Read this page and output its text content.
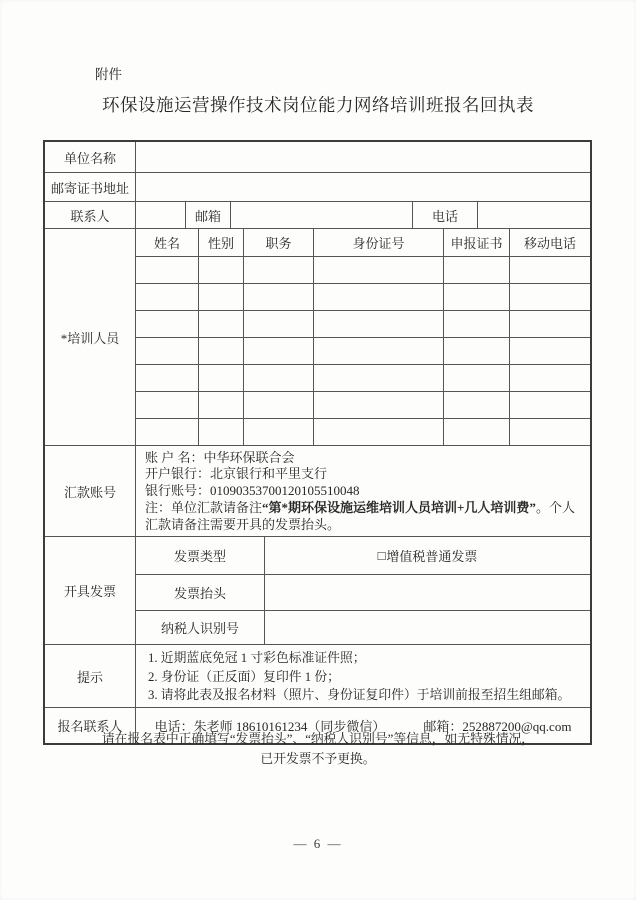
附件
环保设施运营操作技术岗位能力网络培训班报名回执表
单位名称
邮寄证书地址
联系人	邮箱	电话
*培训人员
姓名	性别	职务	身份证号	申报证书	移动电话
汇款账号
账 户 名：中华环保联合会
开户银行：北京银行和平里支行
银行账号：01090353700120105510048
注：单位汇款请备注“第*期环保设施运维培训人员培训+几人培训费”。个人汇款请备注需要开具的发票抬头。
开具发票
发票类型	□ 增值税普通发票
发票抬头
纳税人识别号
提示
1. 近期蓝底免冠 1 寸彩色标准证件照；
2. 身份证（正反面）复印件 1 份；
3. 请将此表及报名材料（照片、身份证复印件）于培训前报至招生组邮箱。
报名联系人	电话：朱老师 18610161234（同步微信）	邮箱：252887200@qq.com
请在报名表中正确填写“发票抬头”、“纳税人识别号”等信息，如无特殊情况，
已开发票不予更换。
— 6 —
